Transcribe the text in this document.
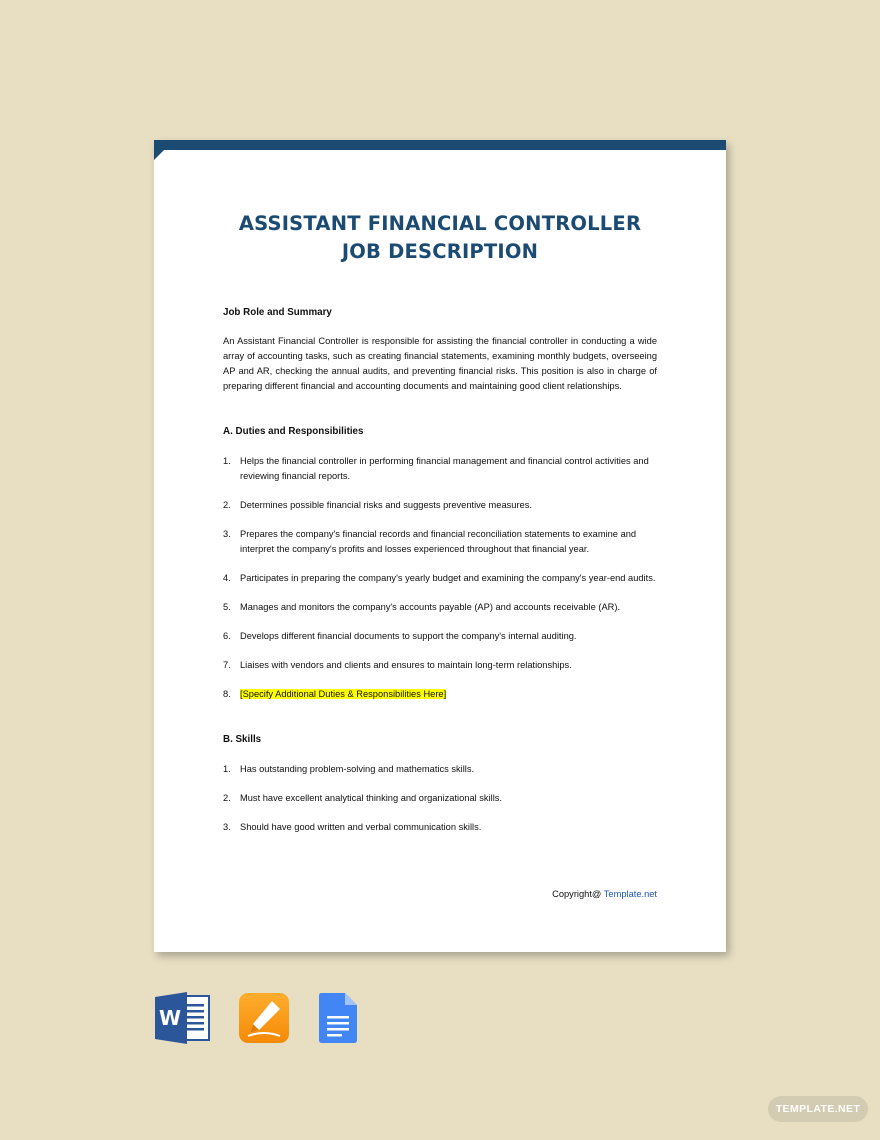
ASSISTANT FINANCIAL CONTROLLER
JOB DESCRIPTION
Job Role and Summary
An Assistant Financial Controller is responsible for assisting the financial controller in conducting a wide array of accounting tasks, such as creating financial statements, examining monthly budgets, overseeing AP and AR, checking the annual audits, and preventing financial risks. This position is also in charge of preparing different financial and accounting documents and maintaining good client relationships.
A. Duties and Responsibilities
1. Helps the financial controller in performing financial management and financial control activities and reviewing financial reports.
2. Determines possible financial risks and suggests preventive measures.
3. Prepares the company's financial records and financial reconciliation statements to examine and interpret the company's profits and losses experienced throughout that financial year.
4. Participates in preparing the company's yearly budget and examining the company's year-end audits.
5. Manages and monitors the company's accounts payable (AP) and accounts receivable (AR).
6. Develops different financial documents to support the company's internal auditing.
7. Liaises with vendors and clients and ensures to maintain long-term relationships.
8. [Specify Additional Duties & Responsibilities Here]
B. Skills
1. Has outstanding problem-solving and mathematics skills.
2. Must have excellent analytical thinking and organizational skills.
3. Should have good written and verbal communication skills.
Copyright@ Template.net
W
TEMPLATE.NET
